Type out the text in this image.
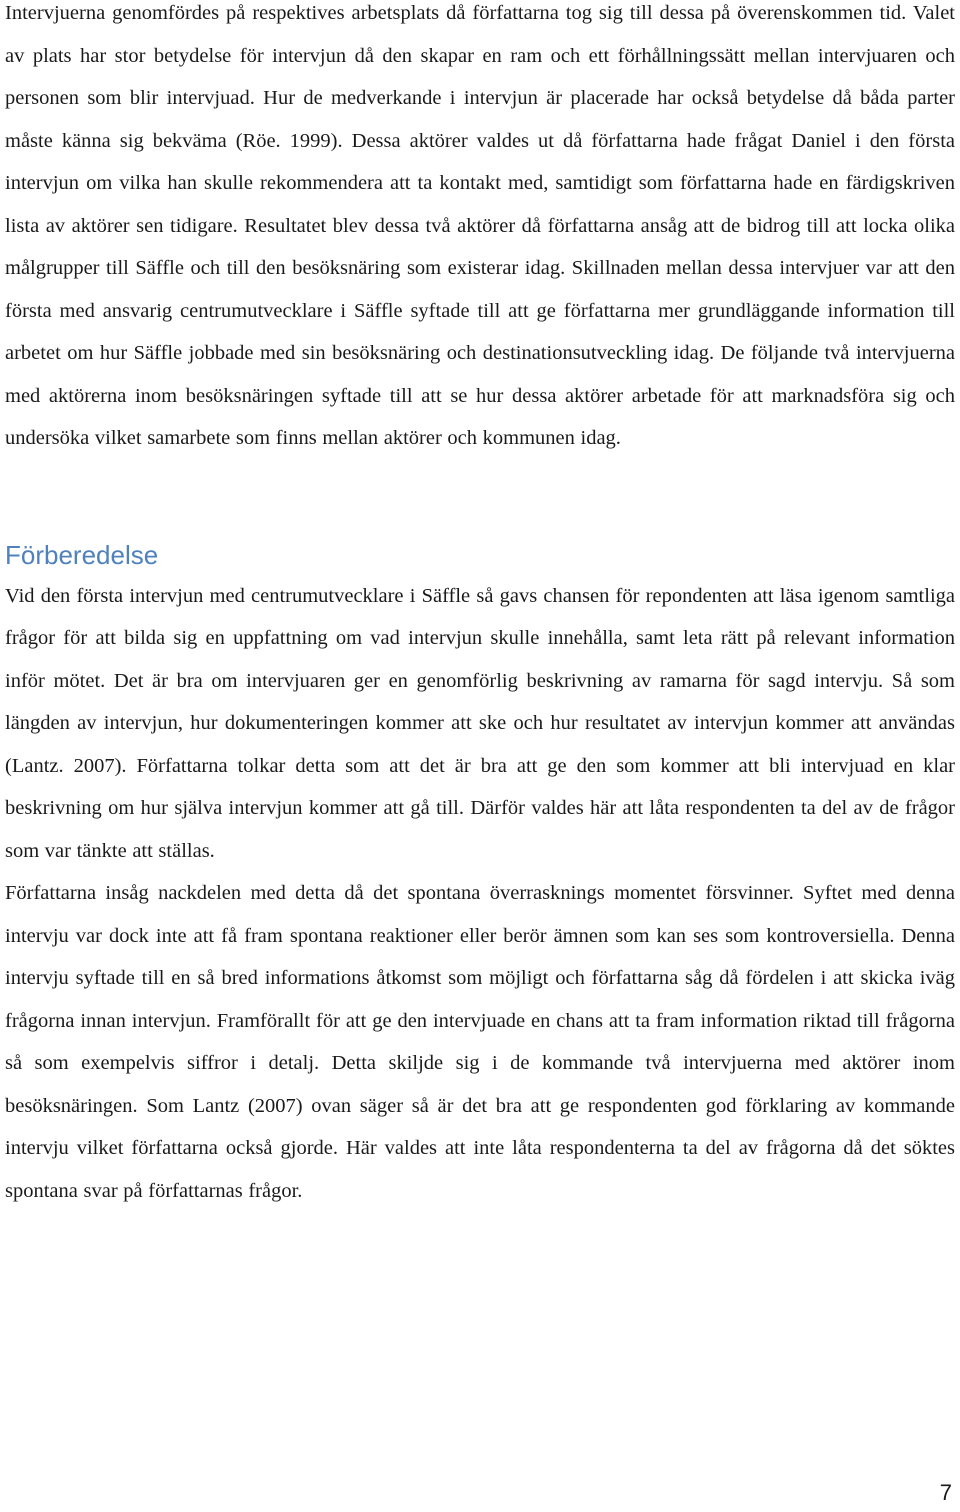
Intervjuerna genomfördes på respektives arbetsplats då författarna tog sig till dessa på överenskommen tid. Valet av plats har stor betydelse för intervjun då den skapar en ram och ett förhållningssätt mellan intervjuaren och personen som blir intervjuad. Hur de medverkande i intervjun är placerade har också betydelse då båda parter måste känna sig bekväma (Röe. 1999). Dessa aktörer valdes ut då författarna hade frågat Daniel i den första intervjun om vilka han skulle rekommendera att ta kontakt med, samtidigt som författarna hade en färdigskriven lista av aktörer sen tidigare. Resultatet blev dessa två aktörer då författarna ansåg att de bidrog till att locka olika målgrupper till Säffle och till den besöksnäring som existerar idag. Skillnaden mellan dessa intervjuer var att den första med ansvarig centrumutvecklare i Säffle syftade till att ge författarna mer grundläggande information till arbetet om hur Säffle jobbade med sin besöksnäring och destinationsutveckling idag. De följande två intervjuerna med aktörerna inom besöksnäringen syftade till att se hur dessa aktörer arbetade för att marknadsföra sig och undersöka vilket samarbete som finns mellan aktörer och kommunen idag.

Förberedelse

Vid den första intervjun med centrumutvecklare i Säffle så gavs chansen för repondenten att läsa igenom samtliga frågor för att bilda sig en uppfattning om vad intervjun skulle innehålla, samt leta rätt på relevant information inför mötet. Det är bra om intervjuaren ger en genomförlig beskrivning av ramarna för sagd intervju. Så som längden av intervjun, hur dokumenteringen kommer att ske och hur resultatet av intervjun kommer att användas (Lantz. 2007). Författarna tolkar detta som att det är bra att ge den som kommer att bli intervjuad en klar beskrivning om hur själva intervjun kommer att gå till. Därför valdes här att låta respondenten ta del av de frågor som var tänkte att ställas.

Författarna insåg nackdelen med detta då det spontana överrasknings momentet försvinner. Syftet med denna intervju var dock inte att få fram spontana reaktioner eller berör ämnen som kan ses som kontroversiella. Denna intervju syftade till en så bred informations åtkomst som möjligt och författarna såg då fördelen i att skicka iväg frågorna innan intervjun. Framförallt för att ge den intervjuade en chans att ta fram information riktad till frågorna så som exempelvis siffror i detalj. Detta skiljde sig i de kommande två intervjuerna med aktörer inom besöksnäringen. Som Lantz (2007) ovan säger så är det bra att ge respondenten god förklaring av kommande intervju vilket författarna också gjorde. Här valdes att inte låta respondenterna ta del av frågorna då det söktes spontana svar på författarnas frågor.

7
